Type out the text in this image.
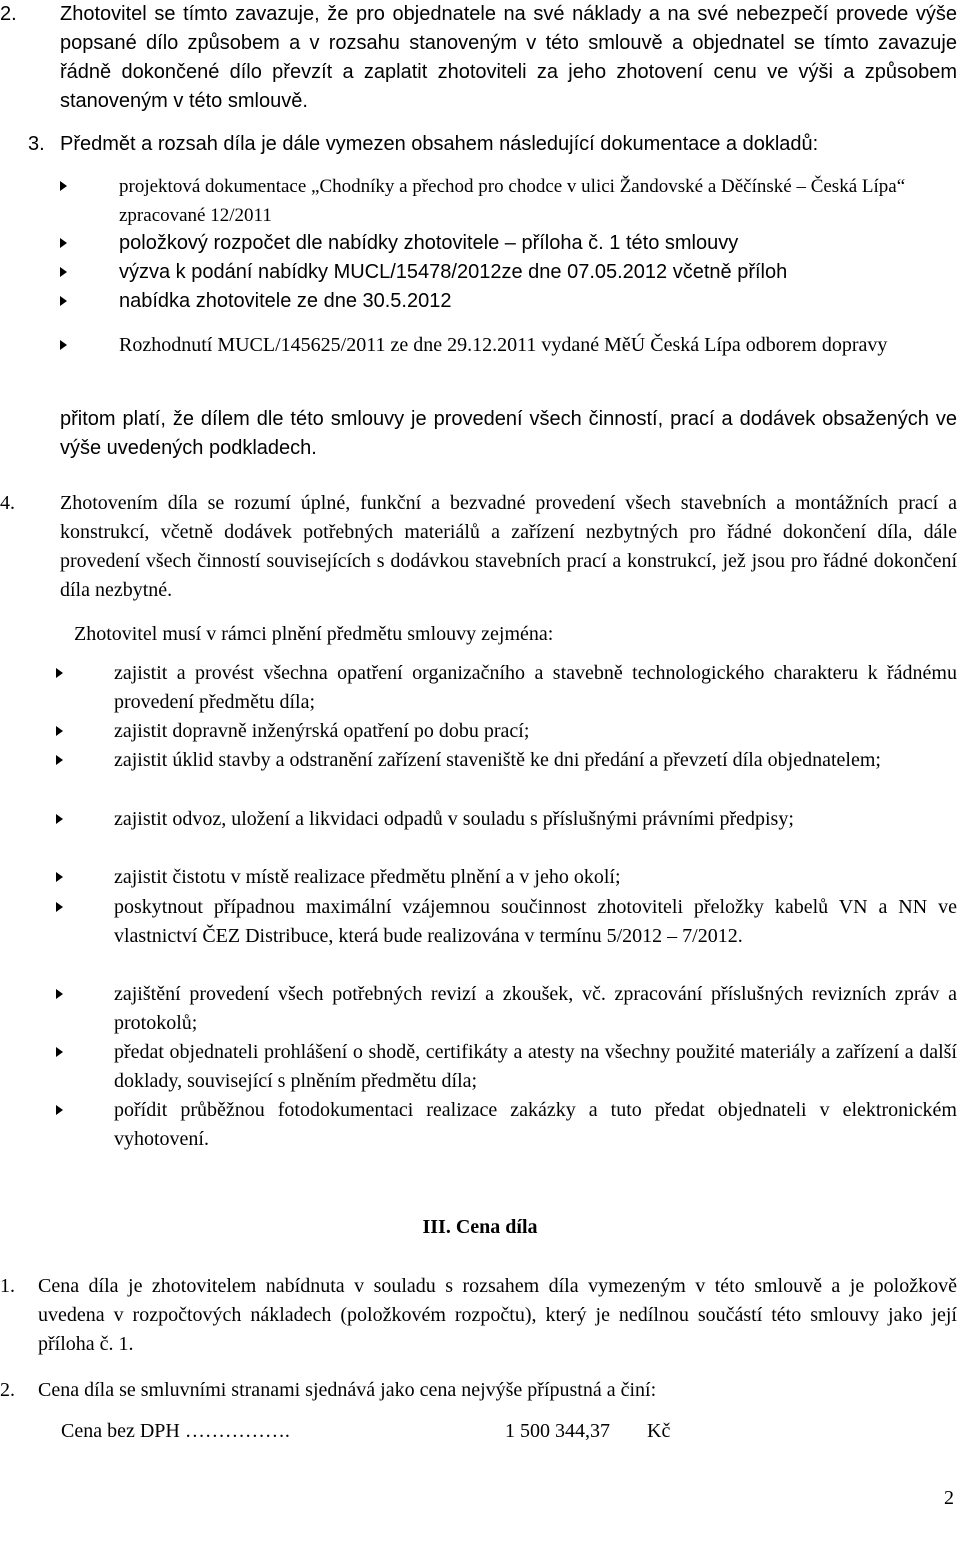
2. Zhotovitel se tímto zavazuje, že pro objednatele na své náklady a na své nebezpečí provede výše popsané dílo způsobem a v rozsahu stanoveným v této smlouvě a objednatel se tímto zavazuje řádně dokončené dílo převzít a zaplatit zhotoviteli za jeho zhotovení cenu ve výši a způsobem stanoveným v této smlouvě.
3. Předmět a rozsah díla je dále vymezen obsahem následující dokumentace a dokladů:
projektová dokumentace „Chodníky a přechod pro chodce v ulici Žandovské a Děčínské – Česká Lípa“ zpracované 12/2011
položkový rozpočet dle nabídky zhotovitele – příloha č. 1 této smlouvy
výzva k podání nabídky MUCL/15478/2012ze dne 07.05.2012 včetně příloh
nabídka zhotovitele ze dne 30.5.2012
Rozhodnutí MUCL/145625/2011 ze dne 29.12.2011 vydané MěÚ Česká Lípa odborem dopravy
přitom platí, že dílem dle této smlouvy je provedení všech činností, prací a dodávek obsažených ve výše uvedených podkladech.
4. Zhotovením díla se rozumí úplné, funkční a bezvadné provedení všech stavebních a montážních prací a konstrukcí, včetně dodávek potřebných materiálů a zařízení nezbytných pro řádné dokončení díla, dále provedení všech činností souvisejících s dodávkou stavebních prací a konstrukcí, jež jsou pro řádné dokončení díla nezbytné.
Zhotovitel musí v rámci plnění předmětu smlouvy zejména:
zajistit a provést všechna opatření organizačního a stavebně technologického charakteru k řádnému provedení předmětu díla;
zajistit dopravně inženýrská opatření po dobu prací;
zajistit úklid stavby a odstranění zařízení staveniště ke dni předání a převzetí díla objednatelem;
zajistit odvoz, uložení a likvidaci odpadů v souladu s příslušnými právními předpisy;
zajistit čistotu v místě realizace předmětu plnění a v jeho okolí;
poskytnout případnou maximální vzájemnou součinnost zhotoviteli přeložky kabelů VN a NN ve vlastnictví ČEZ Distribuce, která bude realizována v termínu 5/2012 – 7/2012.
zajištění provedení všech potřebných revizí a zkoušek, vč. zpracování příslušných revizních zpráv a protokolů;
předat objednateli prohlášení o shodě, certifikáty a atesty na všechny použité materiály a zařízení a další doklady, související s plněním předmětu díla;
pořídit průběžnou fotodokumentaci realizace zakázky a tuto předat objednateli v elektronickém vyhotovení.
III. Cena díla
1. Cena díla je zhotovitelem nabídnuta v souladu s rozsahem díla vymezeným v této smlouvě a je položkově uvedena v rozpočtových nákladech (položkovém rozpočtu), který je nedílnou součástí této smlouvy jako její příloha č. 1.
2. Cena díla se smluvními stranami sjednává jako cena nejvýše přípustná a činí:
Cena bez DPH …………….	1 500 344,37 Kč
2
